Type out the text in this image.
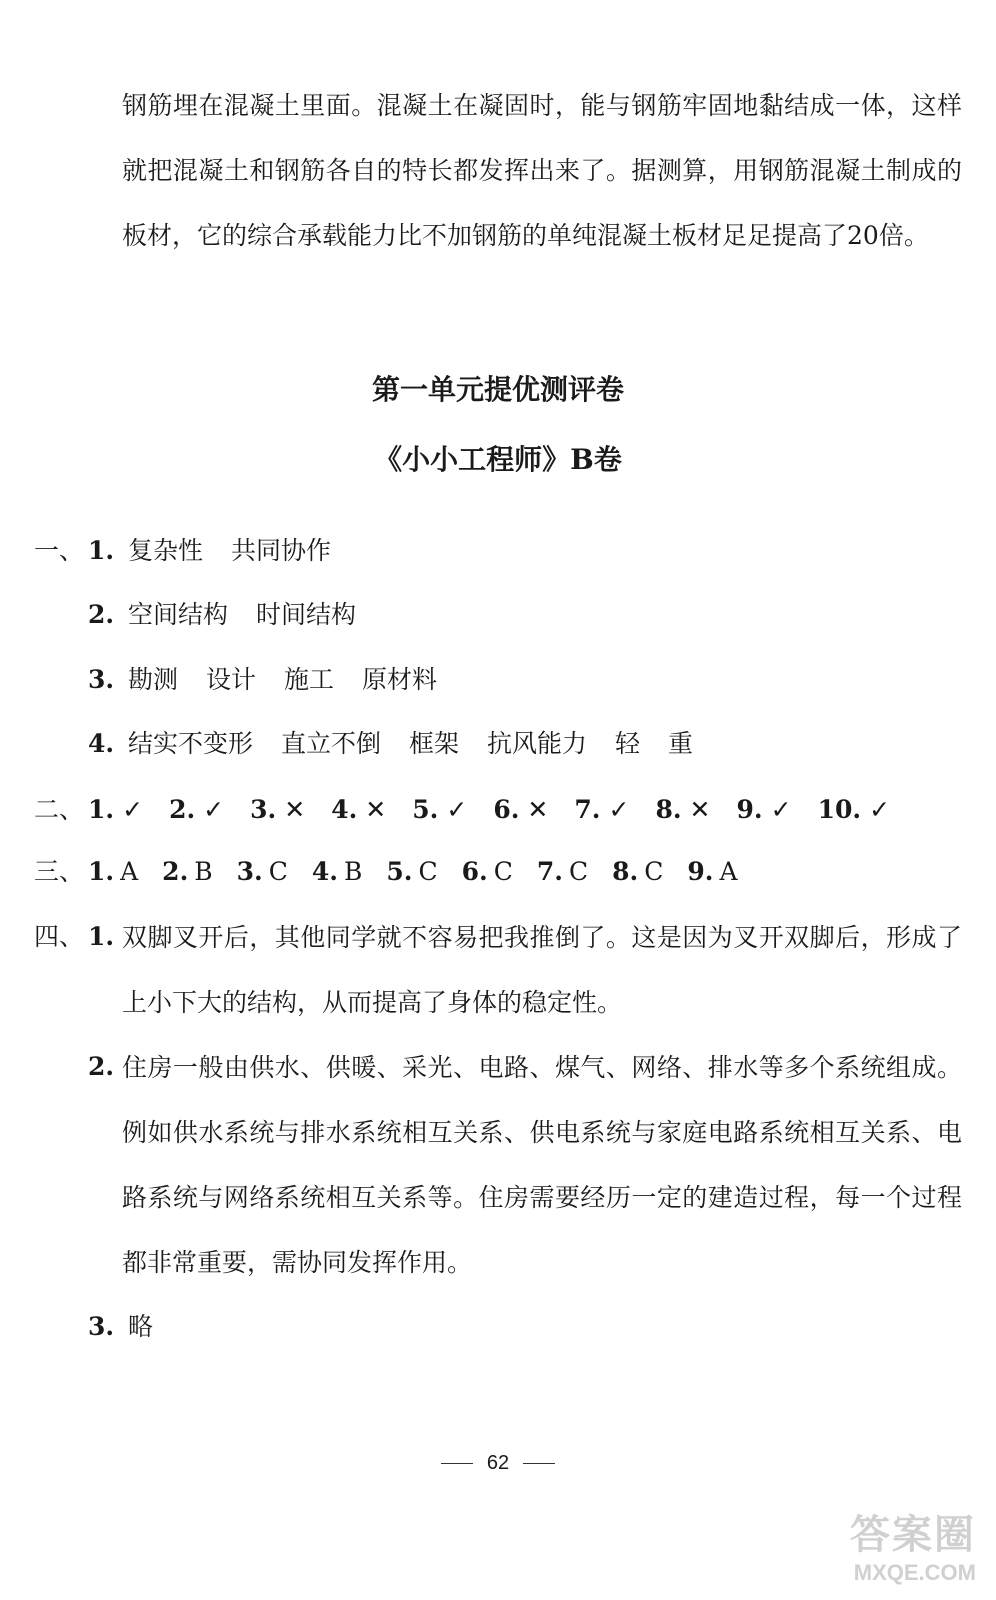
钢筋埋在混凝土里面。混凝土在凝固时，能与钢筋牢固地黏结成一体，这样就把混凝土和钢筋各自的特长都发挥出来了。据测算，用钢筋混凝土制成的板材，它的综合承载能力比不加钢筋的单纯混凝土板材足足提高了20倍。

第一单元提优测评卷
《小小工程师》B卷
一、 1. 复杂性 共同协作
2. 空间结构 时间结构
3. 勘测 设计 施工 原材料
4. 结实不变形 直立不倒 框架 抗风能力 轻 重
二、 1. ✓ 2. ✓ 3. ✕ 4. ✕ 5. ✓ 6. ✕ 7. ✓ 8. ✕ 9. ✓ 10. ✓
三、 1. A 2. B 3. C 4. B 5. C 6. C 7. C 8. C 9. A
四、 1. 双脚叉开后，其他同学就不容易把我推倒了。这是因为叉开双脚后，形成了上小下大的结构，从而提高了身体的稳定性。

2. 住房一般由供水、供暖、采光、电路、煤气、网络、排水等多个系统组成。例如供水系统与排水系统相互关系、供电系统与家庭电路系统相互关系、电路系统与网络系统相互关系等。住房需要经历一定的建造过程，每一个过程都非常重要，需协同发挥作用。

3. 略
62
答案圈
MXQE.COM
